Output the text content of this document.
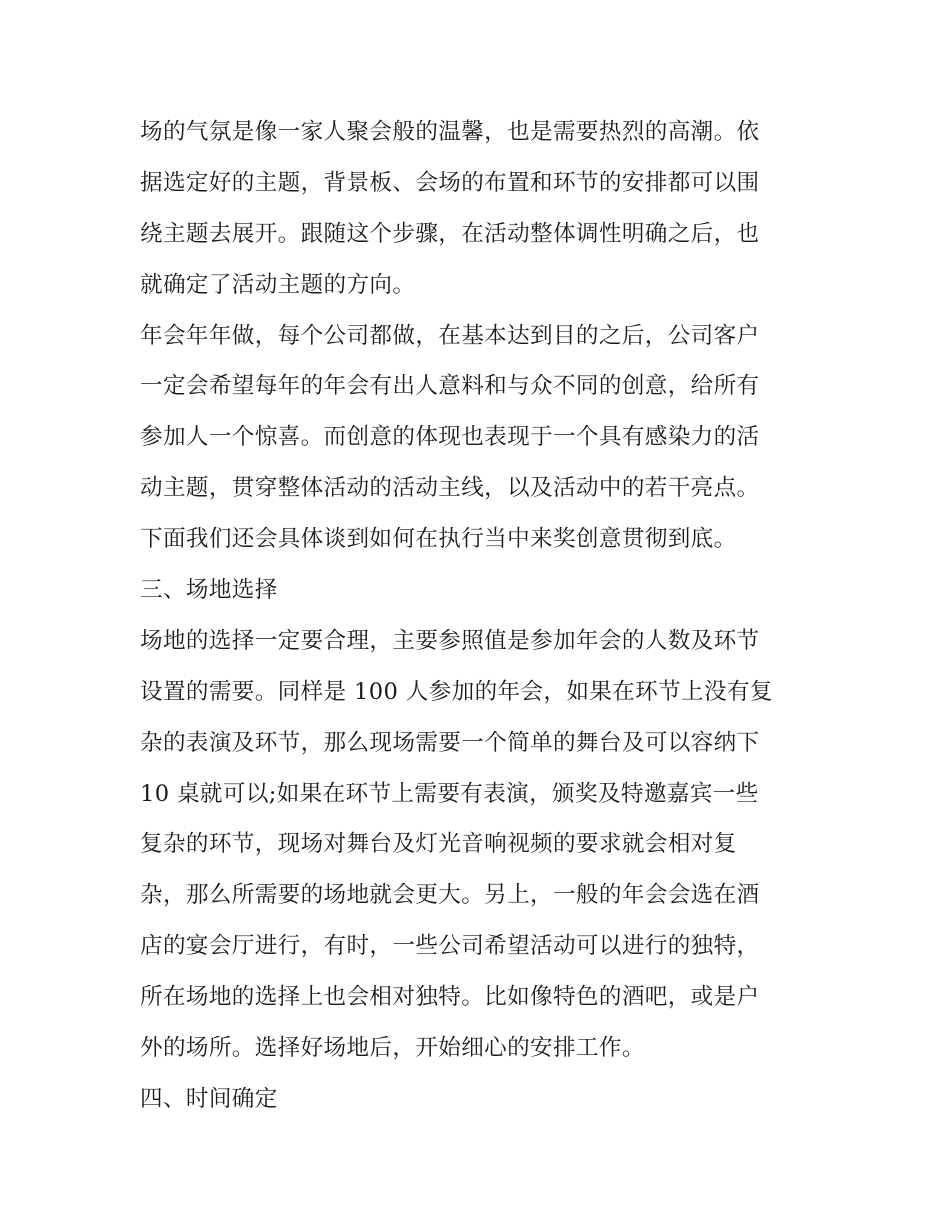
场的气氛是像一家人聚会般的温馨，也是需要热烈的高潮。依
据选定好的主题，背景板、会场的布置和环节的安排都可以围
绕主题去展开。跟随这个步骤，在活动整体调性明确之后，也
就确定了活动主题的方向。

年会年年做，每个公司都做，在基本达到目的之后，公司客户
一定会希望每年的年会有出人意料和与众不同的创意，给所有
参加人一个惊喜。而创意的体现也表现于一个具有感染力的活
动主题，贯穿整体活动的活动主线，以及活动中的若干亮点。
下面我们还会具体谈到如何在执行当中来奖创意贯彻到底。

三、场地选择

场地的选择一定要合理，主要参照值是参加年会的人数及环节
设置的需要。同样是 100 人参加的年会，如果在环节上没有复
杂的表演及环节，那么现场需要一个简单的舞台及可以容纳下
10 桌就可以;如果在环节上需要有表演，颁奖及特邀嘉宾一些
复杂的环节，现场对舞台及灯光音响视频的要求就会相对复
杂，那么所需要的场地就会更大。另上，一般的年会会选在酒
店的宴会厅进行，有时，一些公司希望活动可以进行的独特，
所在场地的选择上也会相对独特。比如像特色的酒吧，或是户
外的场所。选择好场地后，开始细心的安排工作。

四、时间确定
